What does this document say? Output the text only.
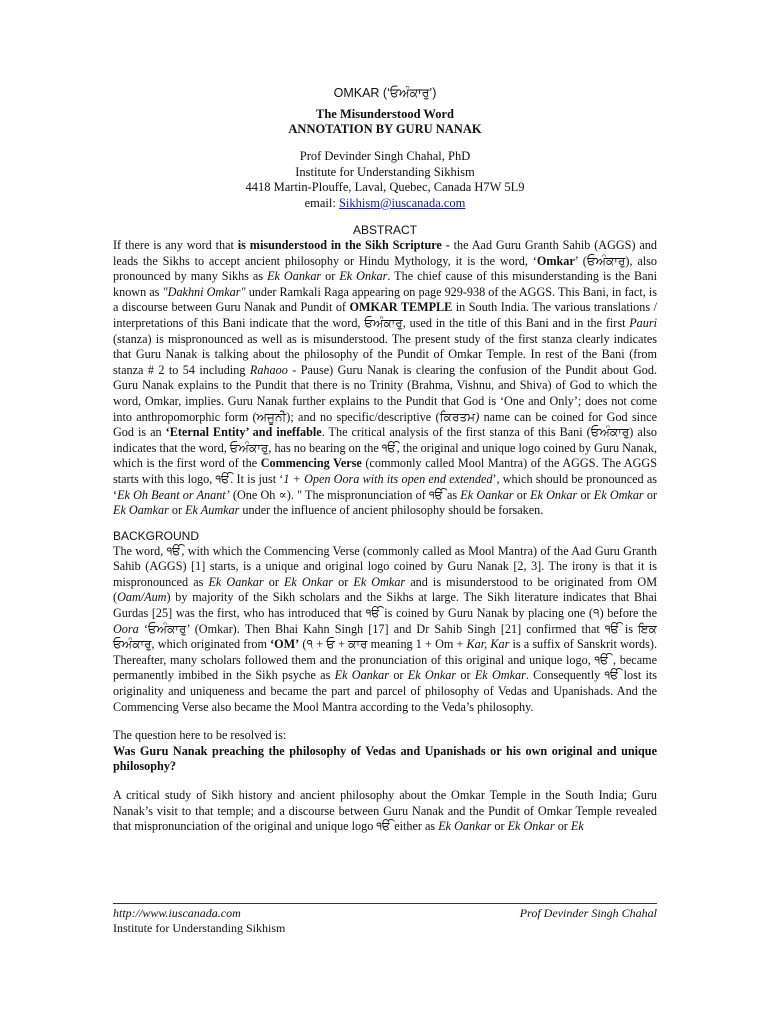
OMKAR (‘ਓਅੰਕਾਰੁ’)

The Misunderstood Word

ANNOTATION BY GURU NANAK

Prof Devinder Singh Chahal, PhD
Institute for Understanding Sikhism
4418 Martin-Plouffe, Laval, Quebec, Canada H7W 5L9
email: Sikhism@iuscanada.com
ABSTRACT

If there is any word that is misunderstood in the Sikh Scripture - the Aad Guru Granth Sahib (AGGS) and leads the Sikhs to accept ancient philosophy or Hindu Mythology, it is the word, ‘Omkar’ (ਓਅੰਕਾਰੁ), also pronounced by many Sikhs as Ek Oankar or Ek Onkar. The chief cause of this misunderstanding is the Bani known as "Dakhni Omkar" under Ramkali Raga appearing on page 929-938 of the AGGS. This Bani, in fact, is a discourse between Guru Nanak and Pundit of OMKAR TEMPLE in South India. The various translations / interpretations of this Bani indicate that the word, ਓਅੰਕਾਰੁ, used in the title of this Bani and in the first Pauri (stanza) is mispronounced as well as is misunderstood. The present study of the first stanza clearly indicates that Guru Nanak is talking about the philosophy of the Pundit of Omkar Temple. In rest of the Bani (from stanza # 2 to 54 including Rahaoo - Pause) Guru Nanak is clearing the confusion of the Pundit about God. Guru Nanak explains to the Pundit that there is no Trinity (Brahma, Vishnu, and Shiva) of God to which the word, Omkar, implies. Guru Nanak further explains to the Pundit that God is ‘One and Only’; does not come into anthropomorphic form (ਅਜੂਨੀ); and no specific/descriptive (ਕਿਰਤਮ) name can be coined for God since God is an ‘Eternal Entity’ and ineffable. The critical analysis of the first stanza of this Bani (ਓਅੰਕਾਰੁ) also indicates that the word, ਓਅੰਕਾਰੁ, has no bearing on the ੴ, the original and unique logo coined by Guru Nanak, which is the first word of the Commencing Verse (commonly called Mool Mantra) of the AGGS. The AGGS starts with this logo, ੴ. It is just ‘1 + Open Oora with its open end extended’, which should be pronounced as ‘Ek Oh Beant or Anant’ (One Oh ∝). " The mispronunciation of ੴ as Ek Oankar or Ek Onkar or Ek Omkar or Ek Oamkar or Ek Aumkar under the influence of ancient philosophy should be forsaken.

BACKGROUND

The word, ੴ, with which the Commencing Verse (commonly called as Mool Mantra) of the Aad Guru Granth Sahib (AGGS) [1] starts, is a unique and original logo coined by Guru Nanak [2, 3]. The irony is that it is mispronounced as Ek Oankar or Ek Onkar or Ek Omkar and is misunderstood to be originated from OM (Oam/Aum) by majority of the Sikh scholars and the Sikhs at large. The Sikh literature indicates that Bhai Gurdas [25] was the first, who has introduced that ੴ is coined by Guru Nanak by placing one (੧) before the Oora ‘ਓਅੰਕਾਰੁ’ (Omkar). Then Bhai Kahn Singh [17] and Dr Sahib Singh [21] confirmed that ੴ is ਇਕ ਓਅੰਕਾਰੁ, which originated from ‘OM’ (੧ + ਓ + ਕਾਰ meaning 1 + Om + Kar, Kar is a suffix of Sanskrit words). Thereafter, many scholars followed them and the pronunciation of this original and unique logo, ੴ , became permanently imbibed in the Sikh psyche as Ek Oankar or Ek Onkar or Ek Omkar. Consequently ੴ lost its originality and uniqueness and became the part and parcel of philosophy of Vedas and Upanishads. And the Commencing Verse also became the Mool Mantra according to the Veda’s philosophy.

The question here to be resolved is:

Was Guru Nanak preaching the philosophy of Vedas and Upanishads or his own original and unique philosophy?

A critical study of Sikh history and ancient philosophy about the Omkar Temple in the South India; Guru Nanak’s visit to that temple; and a discourse between Guru Nanak and the Pundit of Omkar Temple revealed that mispronunciation of the original and unique logo ੴ either as Ek Oankar or Ek Onkar or Ek

http://www.iuscanada.com	Prof Devinder Singh Chahal
Institute for Understanding Sikhism
